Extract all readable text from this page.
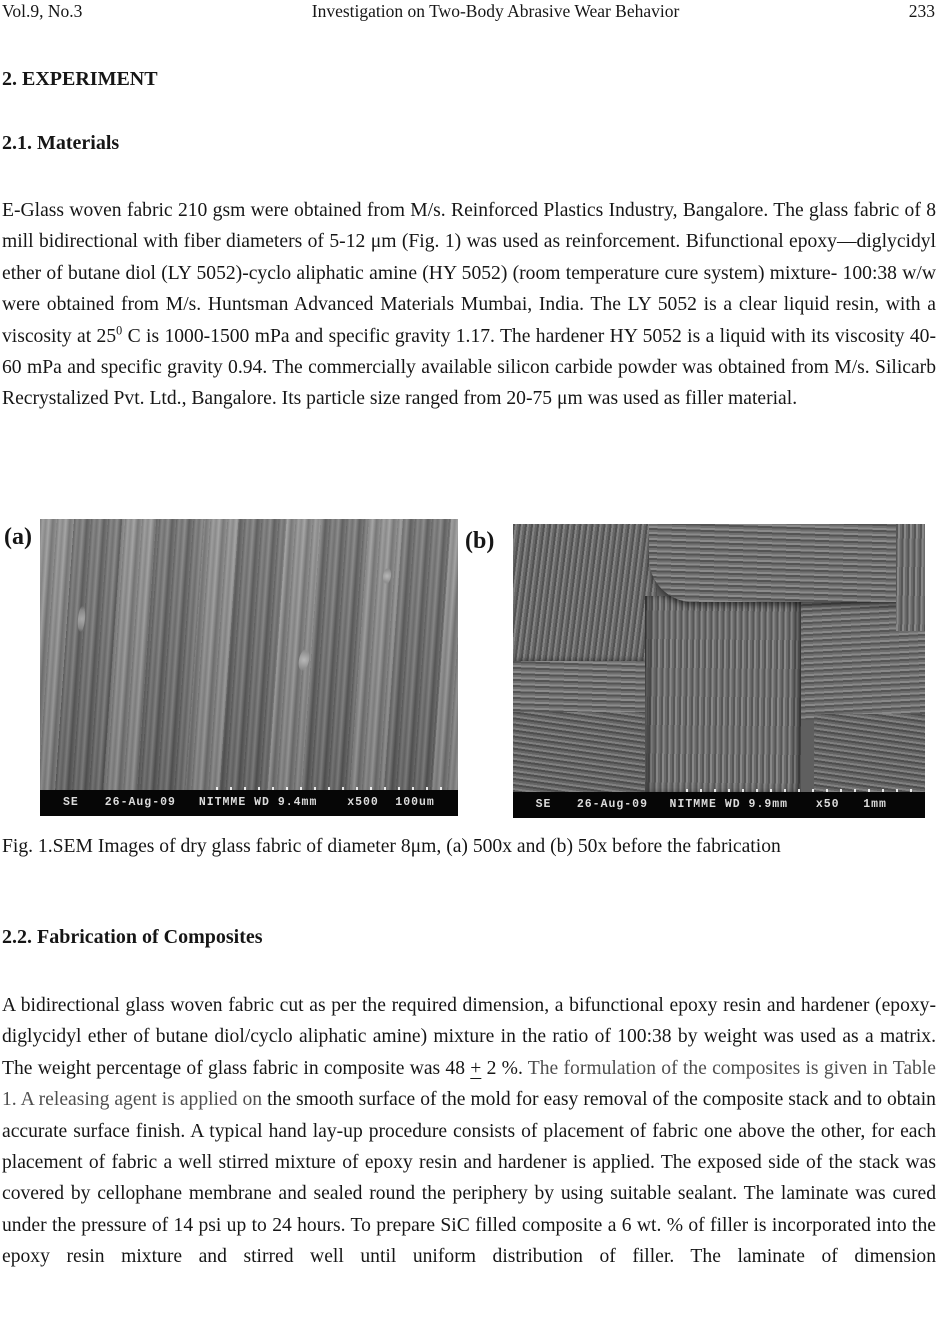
Vol.9, No.3	Investigation on Two-Body Abrasive Wear Behavior	233
2. EXPERIMENT
2.1. Materials

E-Glass woven fabric 210 gsm were obtained from M/s. Reinforced Plastics Industry, Bangalore. The glass fabric of 8 mill bidirectional with fiber diameters of 5-12 μm (Fig. 1) was used as reinforcement. Bifunctional epoxy—diglycidyl ether of butane diol (LY 5052)-cyclo aliphatic amine (HY 5052) (room temperature cure system) mixture- 100:38 w/w were obtained from M/s. Huntsman Advanced Materials Mumbai, India. The LY 5052 is a clear liquid resin, with a viscosity at $25^0$ C is 1000-1500 mPa and specific gravity 1.17. The hardener HY 5052 is a liquid with its viscosity 40-60 mPa and specific gravity 0.94. The commercially available silicon carbide powder was obtained from M/s. Silicarb Recrystalized Pvt. Ltd., Bangalore. Its particle size ranged from 20-75 μm was used as filler material.

(a)
SE 26-Aug-09 NITMME WD 9.4mm	x500 100um
(b)
SE 26-Aug-09 NITMME WD 9.9mm x50 1mm

Fig. 1.SEM Images of dry glass fabric of diameter 8μm, (a) 500x and (b) 50x before the fabrication

2.2. Fabrication of Composites

A bidirectional glass woven fabric cut as per the required dimension, a bifunctional epoxy resin and hardener (epoxy-diglycidyl ether of butane diol/cyclo aliphatic amine) mixture in the ratio of 100:38 by weight was used as a matrix. The weight percentage of glass fabric in composite was 48 + 2 %. The formulation of the composites is given in Table 1. A releasing agent is applied on the smooth surface of the mold for easy removal of the composite stack and to obtain accurate surface finish. A typical hand lay-up procedure consists of placement of fabric one above the other, for each placement of fabric a well stirred mixture of epoxy resin and hardener is applied. The exposed side of the stack was covered by cellophane membrane and sealed round the periphery by using suitable sealant. The laminate was cured under the pressure of 14 psi up to 24 hours. To prepare SiC filled composite a 6 wt. % of filler is incorporated into the epoxy resin mixture and stirred well until uniform distribution of filler. The laminate of dimension
